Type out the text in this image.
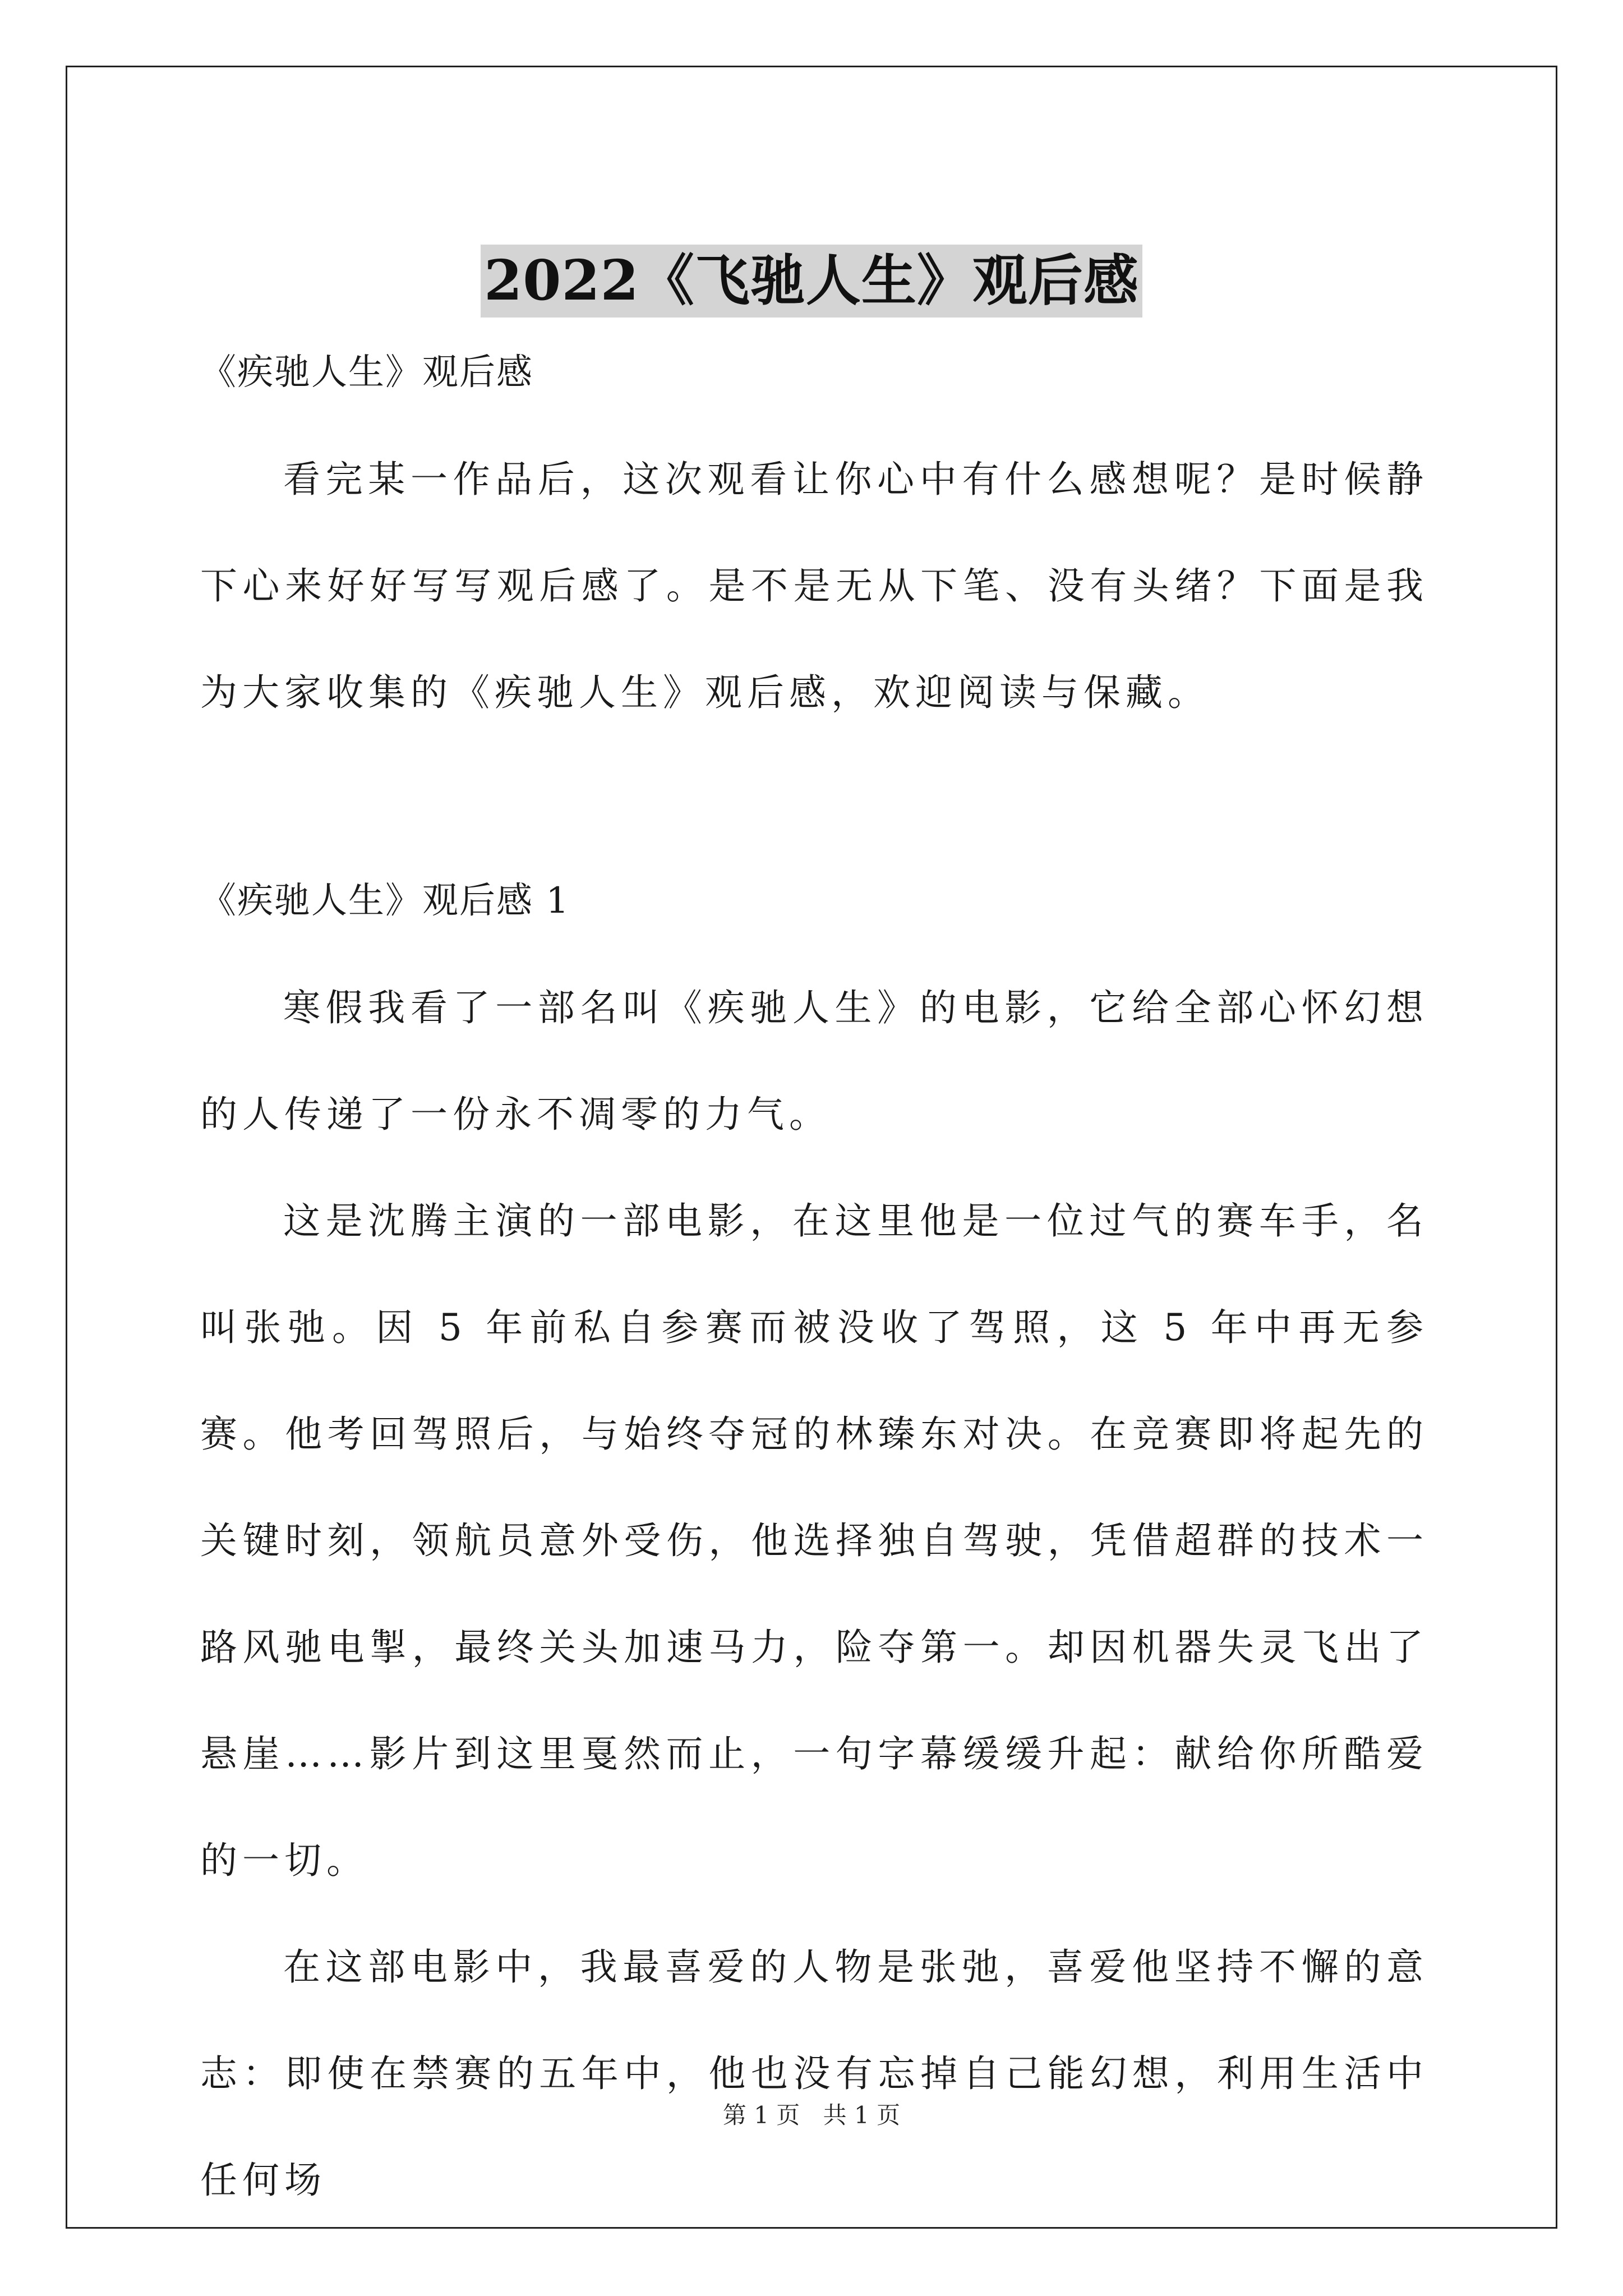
2022《飞驰人生》观后感

《疾驰人生》观后感

看完某一作品后，这次观看让你心中有什么感想呢？是时候静下心来好好写写观后感了。是不是无从下笔、没有头绪？下面是我为大家收集的《疾驰人生》观后感，欢迎阅读与保藏。

《疾驰人生》观后感 1

寒假我看了一部名叫《疾驰人生》的电影，它给全部心怀幻想的人传递了一份永不凋零的力气。

这是沈腾主演的一部电影，在这里他是一位过气的赛车手，名叫张弛。因 5 年前私自参赛而被没收了驾照，这 5 年中再无参赛。他考回驾照后，与始终夺冠的林臻东对决。在竞赛即将起先的关键时刻，领航员意外受伤，他选择独自驾驶，凭借超群的技术一路风驰电掣，最终关头加速马力，险夺第一。却因机器失灵飞出了悬崖……影片到这里戛然而止，一句字幕缓缓升起：献给你所酷爱的一切。

在这部电影中，我最喜爱的人物是张弛，喜爱他坚持不懈的意志：即使在禁赛的五年中，他也没有忘掉自己能幻想，利用生活中任何场

第 1 页 共 1 页
